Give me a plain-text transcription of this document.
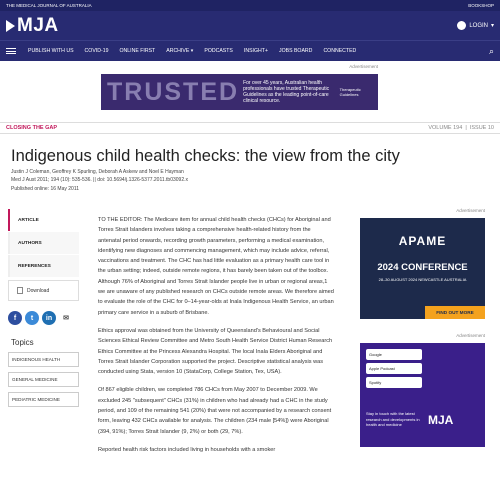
THE MEDICAL JOURNAL OF AUSTRALIA	BOOKSHOP
MJA	LOGIN ▾
PUBLISH WITH US COVID-19 ONLINE FIRST ARCHIVE ▾ PODCASTS INSIGHT+ JOBS BOARD CONNECTED	⌕
Advertisement
TRUSTED For over 45 years, Australian health professionals have trusted Therapeutic Guidelines as the leading point-of-care clinical resource.
Therapeutic Guidelines
CLOSING THE GAP	VOLUME 194  |  ISSUE 10
Indigenous child health checks: the view from the city
Justin J Coleman, Geoffrey K Spurling, Deborah A Askew and Noel E Hayman
Med J Aust 2011; 194 (10): 535-536. || doi: 10.5694/j.1326-5377.2011.tb03092.x
Published online: 16 May 2011
ARTICLE
AUTHORS
REFERENCES
Download
f	t	in	✉
Topics
INDIGENOUS HEALTH
GENERAL MEDICINE
PEDIATRIC MEDICINE

TO THE EDITOR: The Medicare item for annual child health checks (CHCs) for Aboriginal and Torres Strait Islanders involves taking a comprehensive health-related history from the antenatal period onwards, recording growth parameters, performing a medical examination, identifying new diagnoses and commencing management, which may include advice, referral, vaccinations and treatment. The CHC has had little evaluation as a primary health care tool in the urban setting; indeed, outside remote regions, it has barely been taken out of the toolbox. Although 76% of Aboriginal and Torres Strait Islander people live in urban or regional areas,1 we are unaware of any published research on CHCs outside remote areas. We therefore aimed to evaluate the role of the CHC for 0–14-year-olds at Inala Indigenous Health Service, an urban primary care service in a suburb of Brisbane.

Ethics approval was obtained from the University of Queensland's Behavioural and Social Sciences Ethical Review Committee and Metro South Health Service District Human Research Ethics Committee at the Princess Alexandra Hospital. The local Inala Elders Aboriginal and Torres Strait Islander Corporation supported the project. Descriptive statistical analysis was conducted using Stata, version 10 (StataCorp, College Station, Tex, USA).

Of 867 eligible children, we completed 786 CHCs from May 2007 to December 2009. We excluded 245 "subsequent" CHCs (31%) in children who had already had a CHC in the study period, and 109 of the remaining 541 (20%) that were not accompanied by a research consent form, leaving 432 CHCs available for analysis. The children (234 male [54%]) were Aboriginal (394, 91%); Torres Strait Islander (9, 2%) or both (29, 7%).

Reported health risk factors included living in households with a smoker

Advertisement
APAME
2024 CONFERENCE
28–30 AUGUST 2024 NEWCASTLE AUSTRALIA
FIND OUT MORE
Advertisement
Google
Apple Podcast
Spotify
Stay in touch with the latest research and developments in health and medicine	MJA
